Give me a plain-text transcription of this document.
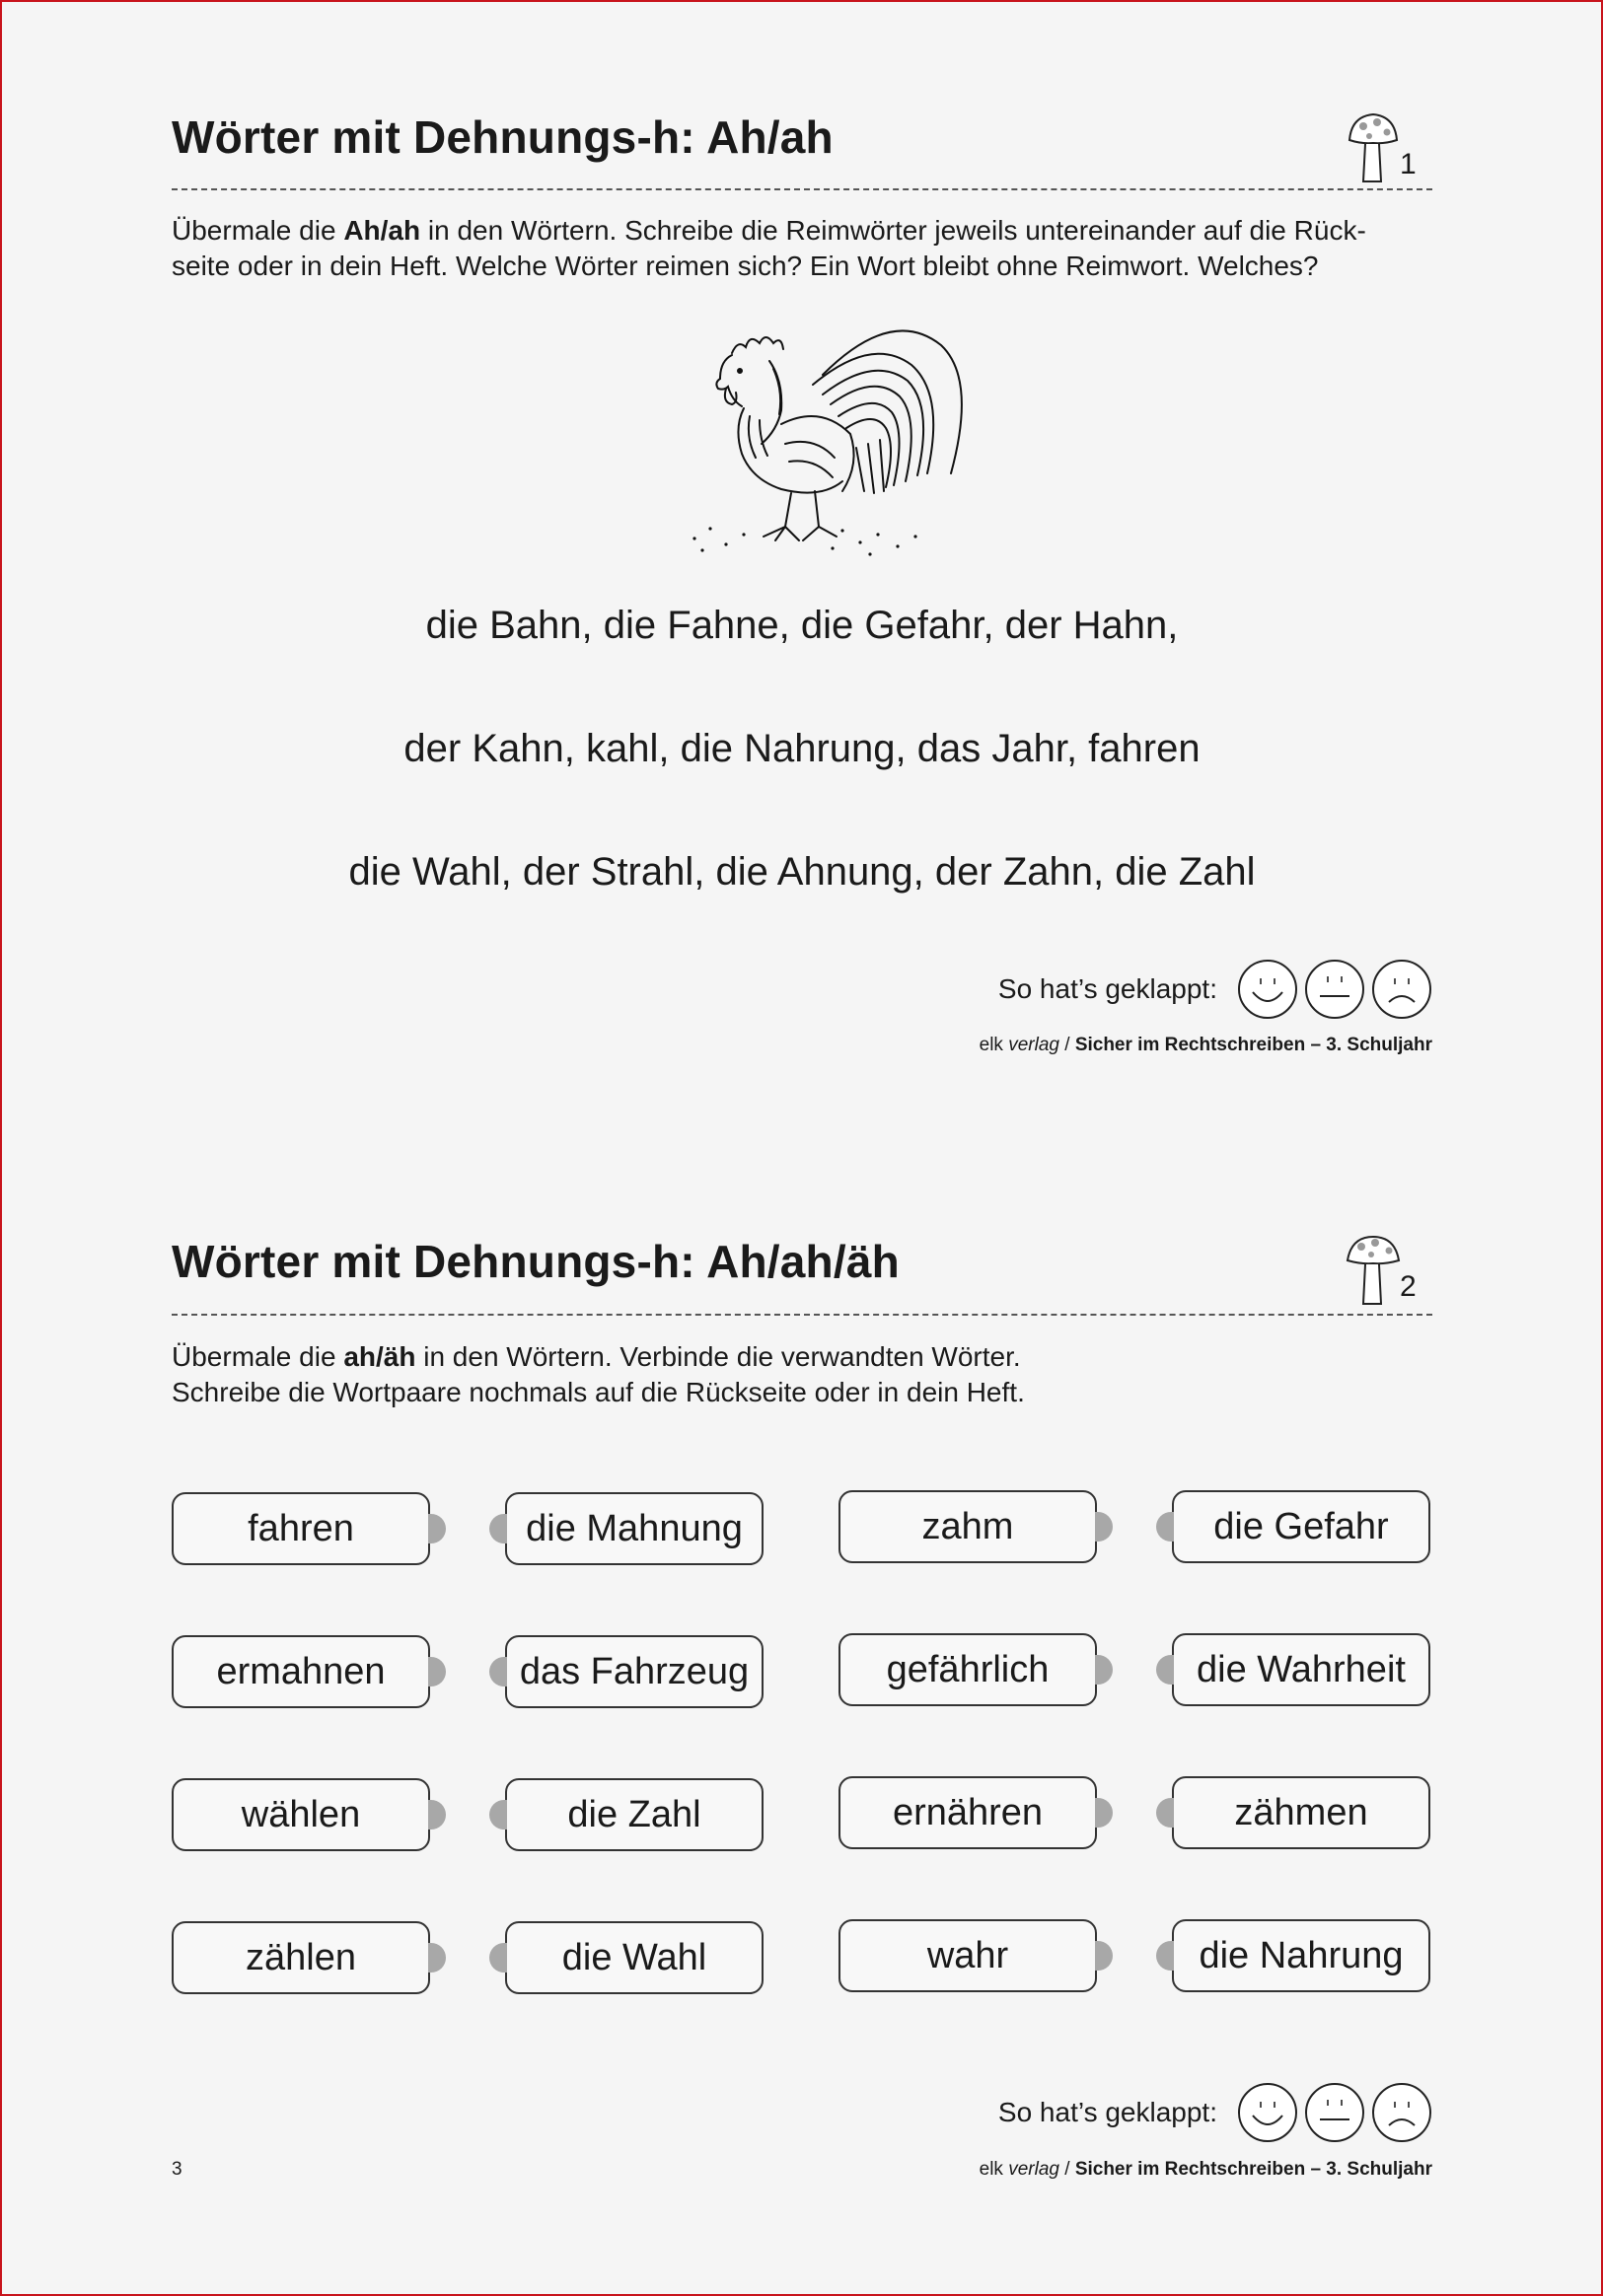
Wörter mit Dehnungs-h: Ah/ah
1
Übermale die Ah/ah in den Wörtern. Schreibe die Reimwörter jeweils untereinander auf die Rück-
seite oder in dein Heft. Welche Wörter reimen sich? Ein Wort bleibt ohne Reimwort. Welches?
die Bahn, die Fahne, die Gefahr, der Hahn,
der Kahn, kahl, die Nahrung, das Jahr, fahren
die Wahl, der Strahl, die Ahnung, der Zahn, die Zahl
So hat’s geklappt:
elk verlag / Sicher im Rechtschreiben – 3. Schuljahr
Wörter mit Dehnungs-h: Ah/ah/äh	2
Übermale die ah/äh in den Wörtern. Verbinde die verwandten Wörter.
Schreibe die Wortpaare nochmals auf die Rückseite oder in dein Heft.
fahren	die Mahnung	zahm	die Gefahr
ermahnen	das Fahrzeug	gefährlich	die Wahrheit
wählen	die Zahl	ernähren	zähmen
zählen	die Wahl	wahr	die Nahrung
So hat’s geklappt:
elk verlag / Sicher im Rechtschreiben – 3. Schuljahr
3
